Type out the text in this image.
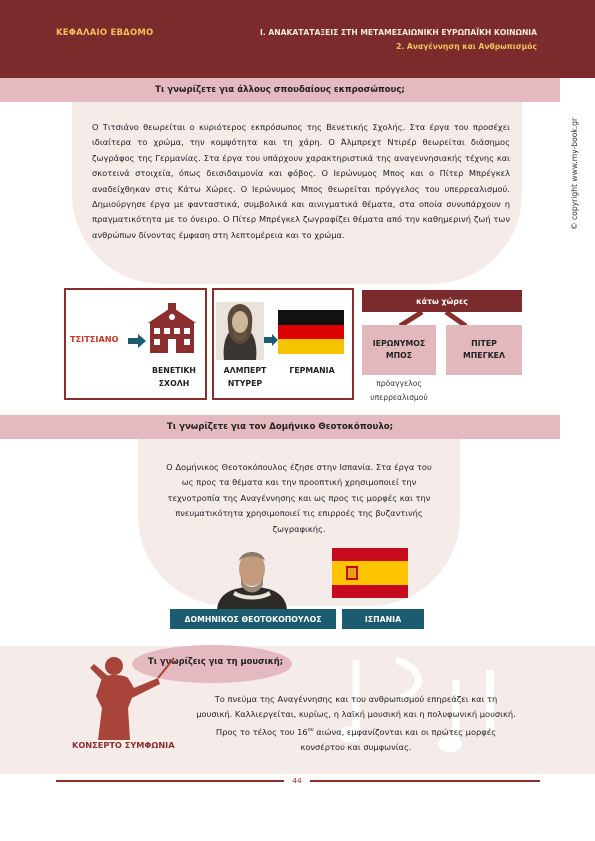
ΚΕΦΑΛΑΙΟ ΕΒΔΟΜΟ	I. ΑΝΑΚΑΤΑΤΑΞΕΙΣ ΣΤΗ ΜΕΤΑΜΕΣΑΙΩΝΙΚΗ ΕΥΡΩΠΑΪΚΗ ΚΟΙΝΩΝΙΑ
2. Αναγέννηση και Ανθρωπισμός
© copyright www.my-book.gr
Τι γνωρίζετε για άλλους σπουδαίους εκπροσώπους;
Ο Τιτσιάνο θεωρείται ο κυριότερος εκπρόσωπος της Βενετικής Σχολής. Στα έργα του προσέχει ιδιαίτερα το χρώμα, την κομψότητα και τη χάρη. Ο Άλμπρεχτ Ντιρέρ θεωρείται διάσημος ζωγράφος της Γερμανίας. Στα έργα του υπάρχουν χαρακτηριστικά της αναγεννησιακής τέχνης και σκοτεινά στοιχεία, όπως δεισιδαιμονία και φόβος. Ο Ιερώνυμος Μπος και ο Πίτερ Μπρέγκελ αναδείχθηκαν στις Κάτω Χώρες. Ο Ιερώνυμος Μπος θεωρείται πρόγγελος του υπερρεαλισμού. Δημιούργησε έργα με φανταστικά, συμβολικά και αινιγματικά θέματα, στα οποία συνυπάρχουν η πραγματικότητα με το όνειρο. Ο Πίτερ Μπρέγκελ ζωγραφίζει θέματα από την καθημερινή ζωή των ανθρώπων δίνοντας έμφαση στη λεπτομέρεια και το χρώμα.
ΤΣΙΤΣΙΑΝΟ
ΒΕΝΕΤΙΚΗ ΣΧΟΛΗ
ΑΛΜΠΕΡΤ ΝΤΥΡΕΡ
ΓΕΡΜΑΝΙΑ
κάτω χώρες
ΙΕΡΩΝΥΜΟΣ ΜΠΟΣ
ΠΙΤΕΡ ΜΠΕΓΚΕΛ
πρόαγγελος υπερρεαλισμού
Τι γνωρίζετε για τον Δομήνικο Θεοτοκόπουλο;
Ο Δομήνικος Θεοτοκόπουλος έζησε στην Ισπανία. Στα έργα του ως προς τα θέματα και την προοπτική χρησιμοποιεί την τεχνοτροπία της Αναγέννησης και ως προς τις μορφές και την πνευματικότητα χρησιμοποιεί τις επιρροές της βυζαντινής ζωγραφικής.
ΔΟΜΗΝΙΚΟΣ ΘΕΟΤΟΚΟΠΟΥΛΟΣ	ΙΣΠΑΝΙΑ
Τι γνωρίζεις για τη μουσική;
ΚΟΝΣΕΡΤΟ ΣΥΜΦΩΝΙΑ
Το πνεύμα της Αναγέννησης και του ανθρωπισμού επηρεάζει και τη μουσική. Καλλιεργείται, κυρίως, η λαϊκή μουσική και η πολυφωνική μουσική. Προς το τέλος του $16^{o\upsilon}$ αιώνα, εμφανίζονται και οι πρώτες μορφές κονσέρτου και συμφωνίας.
44
